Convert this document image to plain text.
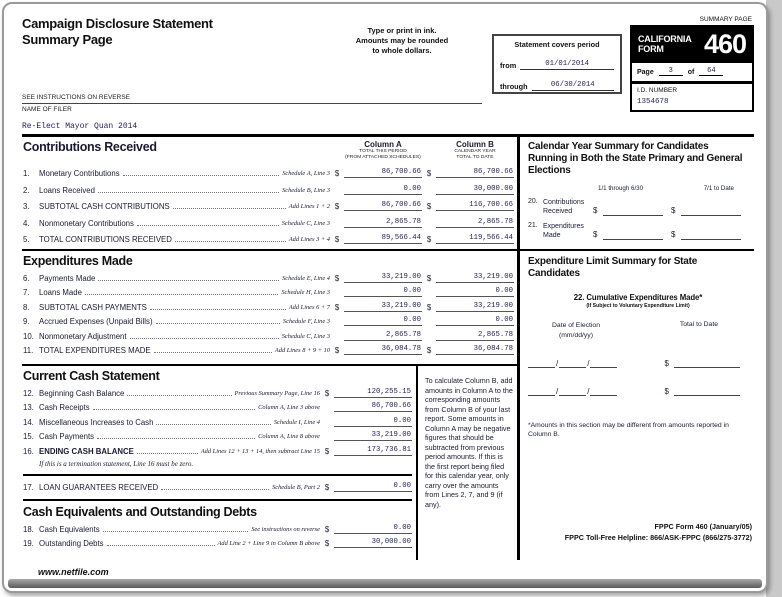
Campaign Disclosure Statement
Summary Page
Type or print in ink.
Amounts may be rounded
to whole dollars.
SEE INSTRUCTIONS ON REVERSE
NAME OF FILER
Re-Elect Mayor Quan 2014
SUMMARY PAGE
Statement covers period
from	01/01/2014
through	06/30/2014
CALIFORNIA
FORM	460
Page	3	of	64
I.D. NUMBER
1354678
Contributions Received	Column A
TOTAL THIS PERIOD
(FROM ATTACHED SCHEDULES)
Column B
CALENDAR YEAR
TOTAL TO DATE
1.	Monetary Contributions	Schedule A, Line 3 $	86,700.66 $	86,700.66
2.	Loans Received	Schedule B, Line 3	0.00	30,000.00
3.	SUBTOTAL CASH CONTRIBUTIONS	Add Lines 1 + 2 $	86,700.66 $	116,700.66
4.	Nonmonetary Contributions	Schedule C, Line 3	2,865.78	2,865.78
5.	TOTAL CONTRIBUTIONS RECEIVED	Add Lines 3 + 4 $	89,566.44 $	119,566.44
Expenditures Made
6.	Payments Made	Schedule E, Line 4 $	33,219.00 $	33,219.00
7.	Loans Made	Schedule H, Line 3	0.00	0.00
8.	SUBTOTAL CASH PAYMENTS	Add Lines 6 + 7 $	33,219.00 $	33,219.00
9.	Accrued Expenses (Unpaid Bills)	Schedule F, Line 3	0.00	0.00
10. Nonmonetary Adjustment	Schedule C, Line 3	2,865.78	2,865.78
11. TOTAL EXPENDITURES MADE	Add Lines 8 + 9 + 10 $	36,084.78 $	36,084.78
Current Cash Statement
12. Beginning Cash Balance	Previous Summary Page, Line 16 $	120,255.15
13. Cash Receipts	Column A, Line 3 above	86,700.66
14. Miscellaneous Increases to Cash	Schedule I, Line 4	0.00
15. Cash Payments	Column A, Line 8 above	33,219.00
16. ENDING CASH BALANCE	Add Lines 12 + 13 + 14, then subtract Line 15 $	173,736.81
If this is a termination statement, Line 16 must be zero.
17. LOAN GUARANTEES RECEIVED	Schedule B, Part 2 $	0.00
Cash Equivalents and Outstanding Debts
18. Cash Equivalents	See instructions on reverse $	0.00
19. Outstanding Debts	Add Line 2 + Line 9 in Column B above $	30,000.00
To calculate Column B, add amounts in Column A to the corresponding amounts from Column B of your last report. Some amounts in Column A may be negative figures that should be subtracted from previous period amounts. If this is the first report being filed for this calendar year, only carry over the amounts from Lines 2, 7, and 9 (if any).
Calendar Year Summary for Candidates Running in Both the State Primary and General Elections
1/1 through 6/30	7/1 to Date
20. Contributions
Received	$	$
21. Expenditures
Made	$	$
Expenditure Limit Summary for State Candidates
22. Cumulative Expenditures Made*
(If Subject to Voluntary Expenditure Limit)
Date of Election
(mm/dd/yy)
Total to Date
/	/	$
/	/	$
*Amounts in this section may be different from amounts reported in Column B.
FPPC Form 460 (January/05)
FPPC Toll-Free Helpline: 866/ASK-FPPC (866/275-3772)
www.netfile.com
